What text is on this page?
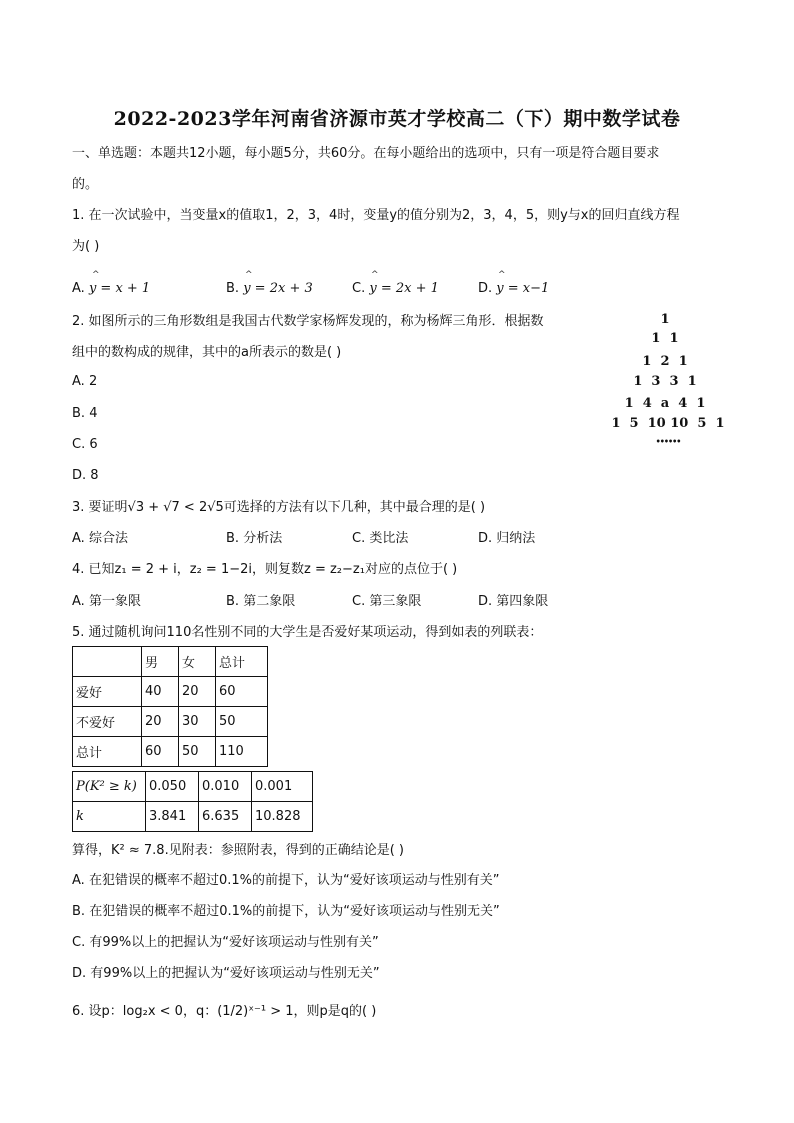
2022-2023学年河南省济源市英才学校高二（下）期中数学试卷
一、单选题：本题共12小题，每小题5分，共60分。在每小题给出的选项中，只有一项是符合题目要求
的。
1. 在一次试验中，当变量x的值取1，2，3，4时，变量y的值分别为2，3，4，5，则y与x的回归直线方程
为( )
A. y = x + 1	B. y = 2x + 3	C. y = 2x + 1	D. y = x−1
^	^	^	^
2. 如图所示的三角形数组是我国古代数学家杨辉发现的，称为杨辉三角形．根据数
组中的数构成的规律，其中的a所表示的数是( )
A. 2
B. 4
C. 6
D. 8
1
1  1
1  2  1
1  3  3  1
1  4  a  4  1
1  5  10 10  5  1
••••••
3. 要证明√3 + √7 < 2√5可选择的方法有以下几种，其中最合理的是( )
A. 综合法	B. 分析法	C. 类比法	D. 归纳法
4. 已知z₁ = 2 + i，z₂ = 1−2i，则复数z = z₂−z₁对应的点位于( )
A. 第一象限	B. 第二象限	C. 第三象限	D. 第四象限
5. 通过随机询问110名性别不同的大学生是否爱好某项运动，得到如表的列联表：
	男	女	总计
爱好	40	20	60
不爱好	20	30	50
总计	60	50	110
P(K² ≥ k)	0.050	0.010	0.001
k	3.841	6.635	10.828
算得，K² ≈ 7.8.见附表：参照附表，得到的正确结论是( )
A. 在犯错误的概率不超过0.1%的前提下，认为“爱好该项运动与性别有关”
B. 在犯错误的概率不超过0.1%的前提下，认为“爱好该项运动与性别无关”
C. 有99%以上的把握认为“爱好该项运动与性别有关”
D. 有99%以上的把握认为“爱好该项运动与性别无关”
6. 设p：log₂x < 0，q：(1/2)ˣ⁻¹ > 1，则p是q的( )
